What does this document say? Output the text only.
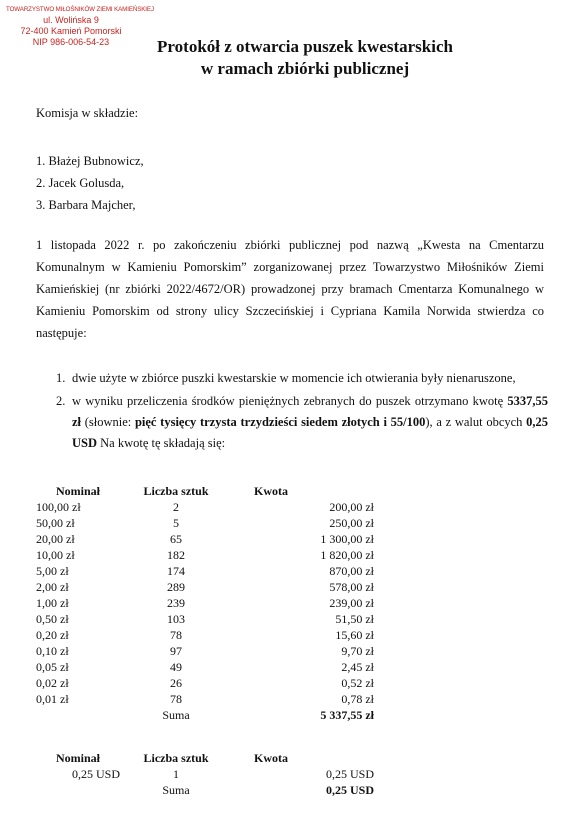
TOWARZYSTWO MIŁOŚNIKÓW ZIEMI KAMIEŃSKIEJ
ul. Wolińska 9
72-400 Kamień Pomorski
NIP 986-006-54-23	Protokół z otwarcia puszek kwestarskich
w ramach zbiórki publicznej
Komisja w składzie:
1. Błażej Bubnowicz,
2. Jacek Golusda,
3. Barbara Majcher,
1 listopada 2022 r. po zakończeniu zbiórki publicznej pod nazwą „Kwesta na Cmentarzu Komunalnym w Kamieniu Pomorskim” zorganizowanej przez Towarzystwo Miłośników Ziemi Kamieńskiej (nr zbiórki 2022/4672/OR) prowadzonej przy bramach Cmentarza Komunalnego w Kamieniu Pomorskim od strony ulicy Szczecińskiej i Cypriana Kamila Norwida stwierdza co następuje:
1. dwie użyte w zbiórce puszki kwestarskie w momencie ich otwierania były nienaruszone,
2. w wyniku przeliczenia środków pieniężnych zebranych do puszek otrzymano kwotę 5337,55 zł (słownie: pięć tysięcy trzysta trzydzieści siedem złotych i 55/100), a z walut obcych 0,25 USD Na kwotę tę składają się:
Nominał		Liczba sztuk	Kwota
100,00 zł		2	200,00 zł
50,00 zł		5	250,00 zł
20,00 zł		65	1 300,00 zł
10,00 zł		182	1 820,00 zł
5,00 zł		174	870,00 zł
2,00 zł		289	578,00 zł
1,00 zł		239	239,00 zł
0,50 zł		103	51,50 zł
0,20 zł		78	15,60 zł
0,10 zł		97	9,70 zł
0,05 zł		49	2,45 zł
0,02 zł		26	0,52 zł
0,01 zł		78	0,78 zł
		Suma	5 337,55 zł
Nominał		Liczba sztuk	Kwota
0,25 USD		1	0,25 USD
		Suma	0,25 USD
